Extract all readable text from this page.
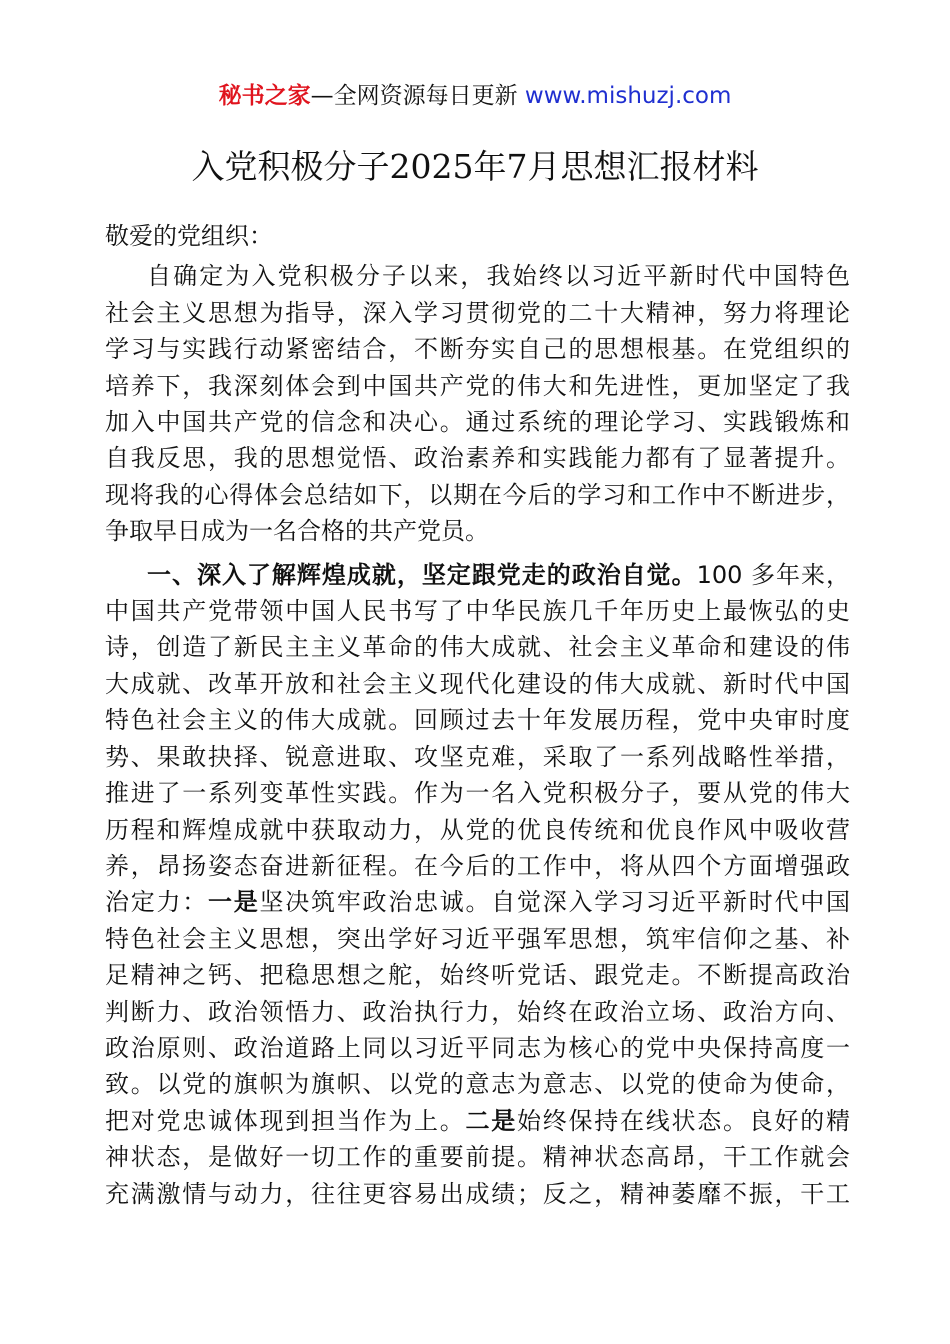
秘书之家—全网资源每日更新 www.mishuzj.com
入党积极分子2025年7月思想汇报材料

敬爱的党组织：

自确定为入党积极分子以来，我始终以习近平新时代中国特色
社会主义思想为指导，深入学习贯彻党的二十大精神，努力将理论
学习与实践行动紧密结合，不断夯实自己的思想根基。在党组织的
培养下，我深刻体会到中国共产党的伟大和先进性，更加坚定了我
加入中国共产党的信念和决心。通过系统的理论学习、实践锻炼和
自我反思，我的思想觉悟、政治素养和实践能力都有了显著提升。
现将我的心得体会总结如下，以期在今后的学习和工作中不断进步，
争取早日成为一名合格的共产党员。

一、深入了解辉煌成就，坚定跟党走的政治自觉。100 多年来，
中国共产党带领中国人民书写了中华民族几千年历史上最恢弘的史
诗，创造了新民主主义革命的伟大成就、社会主义革命和建设的伟
大成就、改革开放和社会主义现代化建设的伟大成就、新时代中国
特色社会主义的伟大成就。回顾过去十年发展历程，党中央审时度
势、果敢抉择、锐意进取、攻坚克难，采取了一系列战略性举措，
推进了一系列变革性实践。作为一名入党积极分子，要从党的伟大
历程和辉煌成就中获取动力，从党的优良传统和优良作风中吸收营
养，昂扬姿态奋进新征程。在今后的工作中，将从四个方面增强政
治定力：一是坚决筑牢政治忠诚。自觉深入学习习近平新时代中国
特色社会主义思想，突出学好习近平强军思想，筑牢信仰之基、补
足精神之钙、把稳思想之舵，始终听党话、跟党走。不断提高政治
判断力、政治领悟力、政治执行力，始终在政治立场、政治方向、
政治原则、政治道路上同以习近平同志为核心的党中央保持高度一
致。以党的旗帜为旗帜、以党的意志为意志、以党的使命为使命，
把对党忠诚体现到担当作为上。二是始终保持在线状态。良好的精
神状态，是做好一切工作的重要前提。精神状态高昂，干工作就会
充满激情与动力，往往更容易出成绩；反之，精神萎靡不振，干工
